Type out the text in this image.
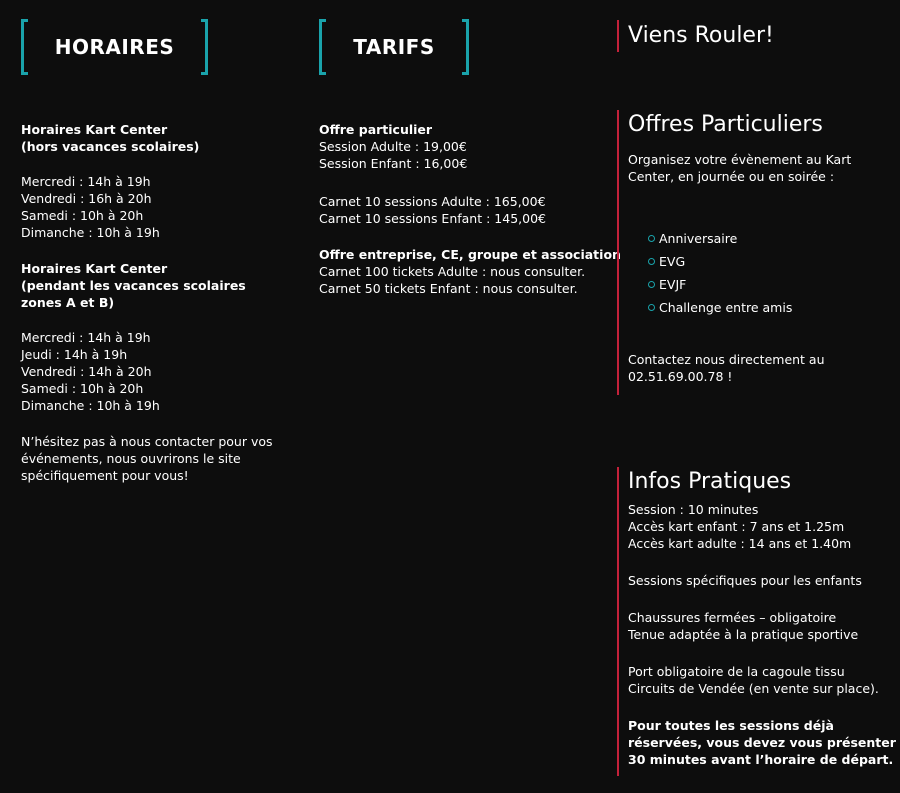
HORAIRES
Horaires Kart Center
(hors vacances scolaires)
Mercredi : 14h à 19h
Vendredi : 16h à 20h
Samedi : 10h à 20h
Dimanche : 10h à 19h
Horaires Kart Center
(pendant les vacances scolaires
zones A et B)
Mercredi : 14h à 19h
Jeudi : 14h à 19h
Vendredi : 14h à 20h
Samedi : 10h à 20h
Dimanche : 10h à 19h
N’hésitez pas à nous contacter pour vos
événements, nous ouvrirons le site
spécifiquement pour vous!
TARIFS
Offre particulier
Session Adulte : 19,00€
Session Enfant : 16,00€
Carnet 10 sessions Adulte : 165,00€
Carnet 10 sessions Enfant : 145,00€
Offre entreprise, CE, groupe et association
Carnet 100 tickets Adulte : nous consulter.
Carnet 50 tickets Enfant : nous consulter.
Viens Rouler!
Offres Particuliers

Organisez votre évènement au Kart
Center, en journée ou en soirée :

Anniversaire
EVG
EVJF
Challenge entre amis

Contactez nous directement au
02.51.69.00.78 !

Infos Pratiques

Session : 10 minutes
Accès kart enfant : 7 ans et 1.25m
Accès kart adulte : 14 ans et 1.40m

Sessions spécifiques pour les enfants

Chaussures fermées – obligatoire
Tenue adaptée à la pratique sportive

Port obligatoire de la cagoule tissu
Circuits de Vendée (en vente sur place).

Pour toutes les sessions déjà
réservées, vous devez vous présenter
30 minutes avant l’horaire de départ.
